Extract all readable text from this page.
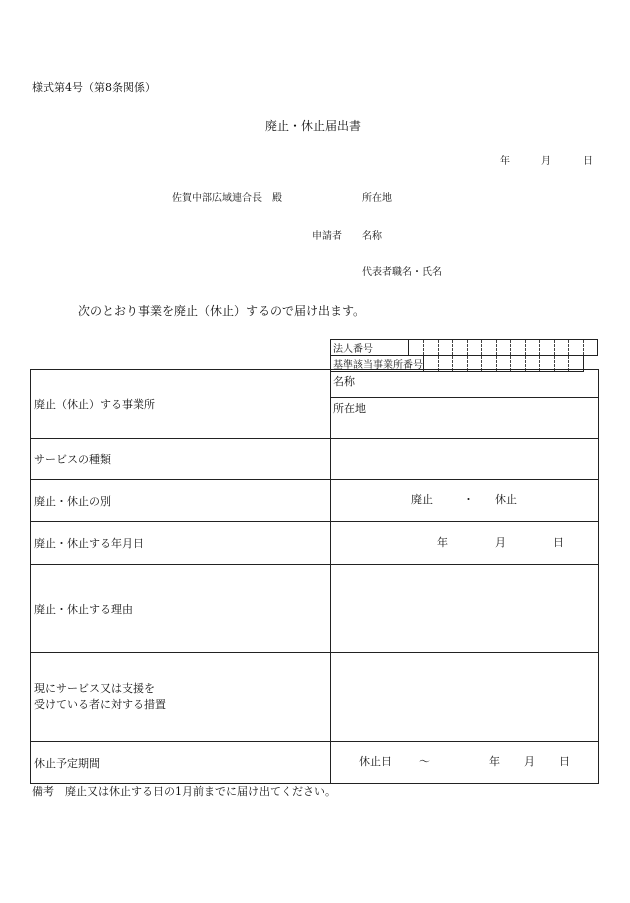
様式第4号（第8条関係）
廃止・休止届出書
年	月	日
佐賀中部広域連合長　殿	所在地
申請者 名称
代表者職名・氏名
次のとおり事業を廃止（休止）するので届け出ます。
法人番号													
基準該当事業所番号													
廃止（休止）する事業所	名称
	所在地
サービスの種類	
廃止・休止の別	廃止 ・ 休止

廃止・休止する年月日	年 月 日

廃止・休止する理由	

現にサービス又は支援を
受けている者に対する措置	

休止予定期間	休止日 ～ 年 月 日
備考　廃止又は休止する日の1月前までに届け出てください。
